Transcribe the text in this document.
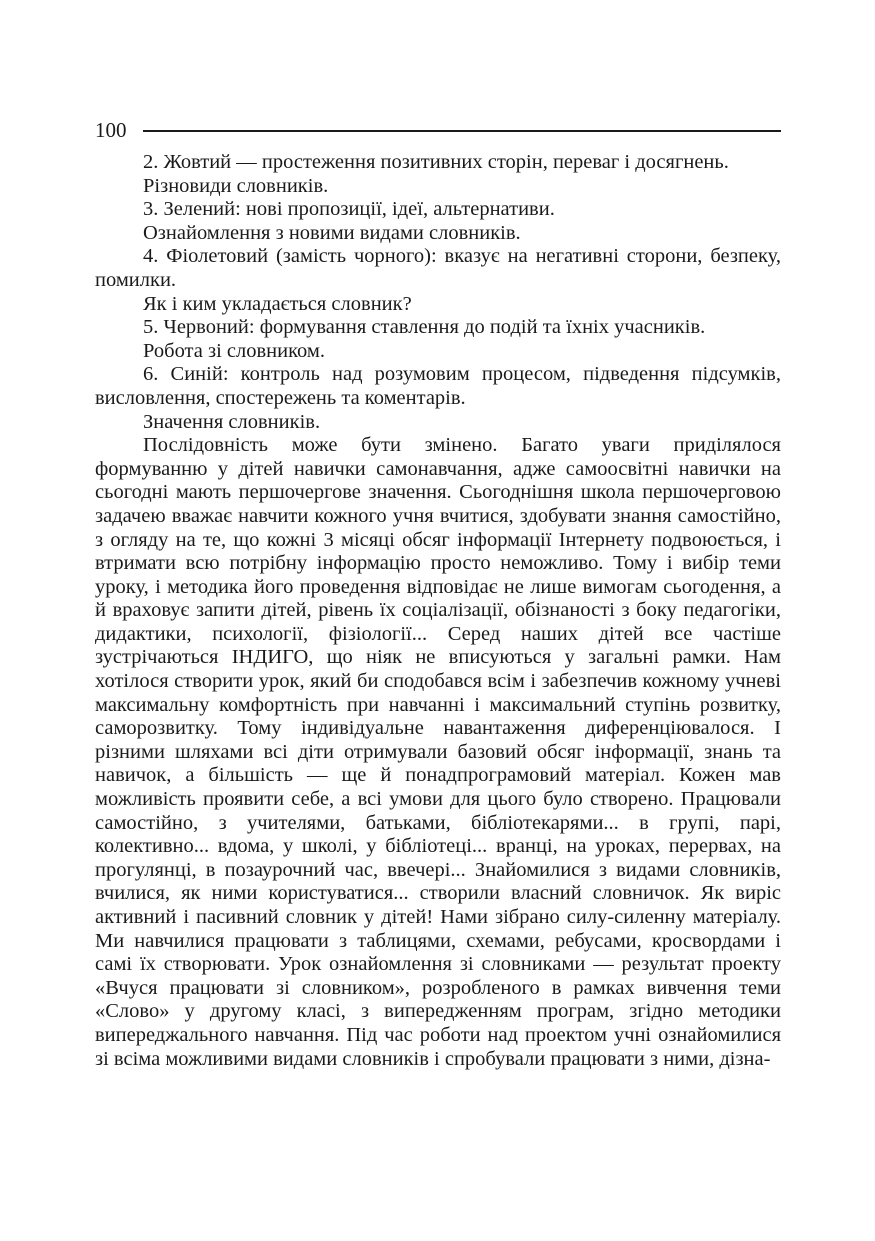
100

2. Жовтий — простеження позитивних сторін, переваг і досягнень.

Різновиди словників.

3. Зелений: нові пропозиції, ідеї, альтернативи.

Ознайомлення з новими видами словників.

4. Фіолетовий (замість чорного): вказує на негативні сторони, безпеку, помилки.

Як і ким укладається словник?

5. Червоний: формування ставлення до подій та їхніх учасників.

Робота зі словником.

6. Синій: контроль над розумовим процесом, підведення підсумків, висловлення, спостережень та коментарів.

Значення словників.

Послідовність може бути змінено. Багато уваги приділялося формуванню у дітей навички самонавчання, адже самоосвітні навички на сьогодні мають першочергове значення. Сьогоднішня школа першочерговою задачею вважає навчити кожного учня вчитися, здобувати знання самостійно, з огляду на те, що кожні 3 місяці обсяг інформації Інтернету подвоюється, і втримати всю потрібну інформацію просто неможливо. Тому і вибір теми уроку, і методика його проведення відповідає не лише вимогам сьогодення, а й враховує запити дітей, рівень їх соціалізації, обізнаності з боку педагогіки, дидактики, психології, фізіології... Серед наших дітей все частіше зустрічаються ІНДИГО, що ніяк не вписуються у загальні рамки. Нам хотілося створити урок, який би сподобався всім і забезпечив кожному учневі максимальну комфортність при навчанні і максимальний ступінь розвитку, саморозвитку. Тому індивідуальне навантаження диференціювалося. І різними шляхами всі діти отримували базовий обсяг інформації, знань та навичок, а більшість — ще й понадпрограмовий матеріал. Кожен мав можливість проявити себе, а всі умови для цього було створено. Працювали самостійно, з учителями, батьками, бібліотекарями... в групі, парі, колективно... вдома, у школі, у бібліотеці... вранці, на уроках, перервах, на прогулянці, в позаурочний час, ввечері... Знайомилися з видами словників, вчилися, як ними користуватися... створили власний словничок. Як виріс активний і пасивний словник у дітей! Нами зібрано силу-силенну матеріалу. Ми навчилися працювати з таблицями, схемами, ребусами, кросвордами і самі їх створювати. Урок ознайомлення зі словниками — результат проекту «Вчуся працювати зі словником», розробленого в рамках вивчення теми «Слово» у другому класі, з випередженням програм, згідно методики випереджального навчання. Під час роботи над проектом учні ознайомилися зі всіма можливими видами словників і спробували працювати з ними, дізна-
